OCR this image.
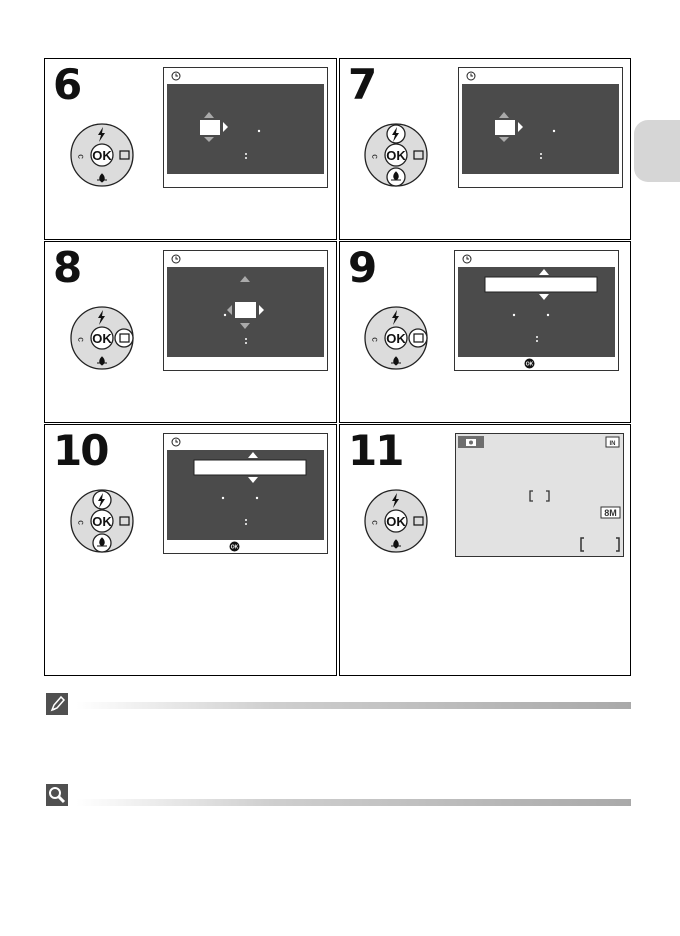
6
OK
ᴒ
7
OK
ᴒ
8
OK
ᴒ
9
OK
ᴒ
OK
10
OK
ᴒ
OK
11
OK
ᴒ
IN
8M
